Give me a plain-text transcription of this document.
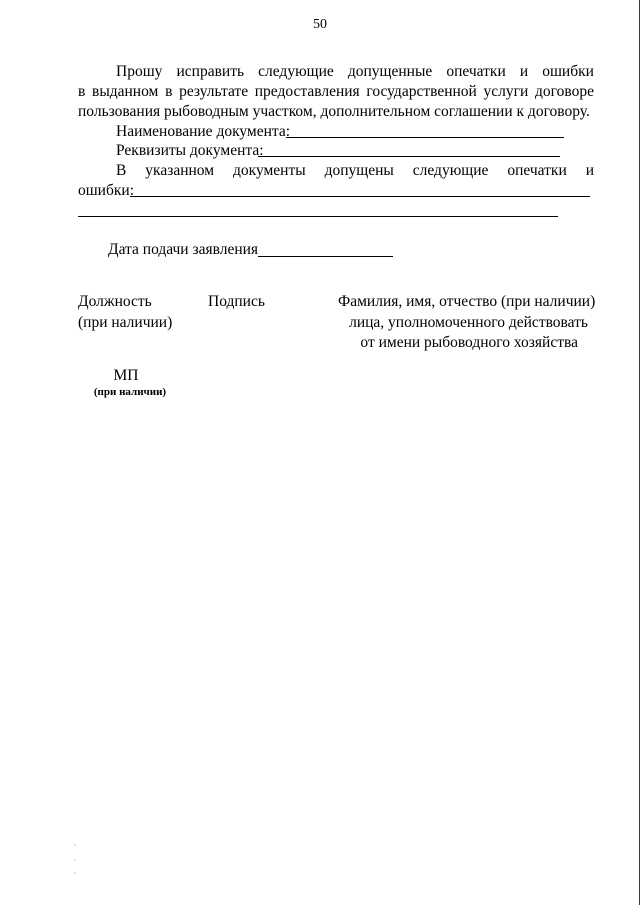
50
Прошу исправить следующие допущенные опечатки и ошибки
в выданном в результате предоставления государственной услуги договоре
пользования рыбоводным участком, дополнительном соглашении к договору.
Наименование документа:
Реквизиты документа:
В указанном документы допущены следующие опечатки и
ошибки:
Дата подачи заявления
Должность
(при наличии)
Подпись	Фамилия, имя, отчество (при наличии)
лица, уполномоченного действовать
от имени рыбоводного хозяйства
МП
(при наличии)
